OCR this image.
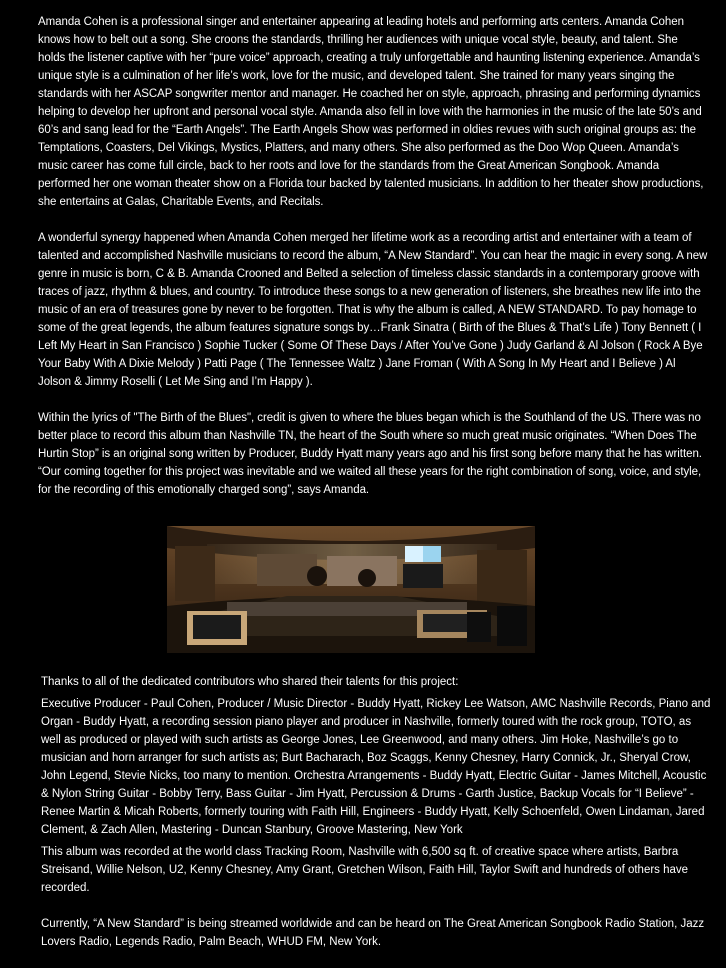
Amanda Cohen is a professional singer and entertainer appearing at leading hotels and performing arts centers. Amanda Cohen knows how to belt out a song. She croons the standards, thrilling her audiences with unique vocal style, beauty, and talent. She holds the listener captive with her “pure voice” approach, creating a truly unforgettable and haunting listening experience. Amanda’s unique style is a culmination of her life’s work, love for the music, and developed talent. She trained for many years singing the standards with her ASCAP songwriter mentor and manager. He coached her on style, approach, phrasing and performing dynamics helping to develop her upfront and personal vocal style. Amanda also fell in love with the harmonies in the music of the late 50’s and 60’s and sang lead for the “Earth Angels”. The Earth Angels Show was performed in oldies revues with such original groups as: the Temptations, Coasters, Del Vikings, Mystics, Platters, and many others. She also performed as the Doo Wop Queen. Amanda’s music career has come full circle, back to her roots and love for the standards from the Great American Songbook. Amanda performed her one woman theater show on a Florida tour backed by talented musicians. In addition to her theater show productions, she entertains at Galas, Charitable Events, and Recitals.

A wonderful synergy happened when Amanda Cohen merged her lifetime work as a recording artist and entertainer with a team of talented and accomplished Nashville musicians to record the album, “A New Standard”. You can hear the magic in every song. A new genre in music is born, C & B. Amanda Crooned and Belted a selection of timeless classic standards in a contemporary groove with traces of jazz, rhythm & blues, and country. To introduce these songs to a new generation of listeners, she breathes new life into the music of an era of treasures gone by never to be forgotten. That is why the album is called, A NEW STANDARD. To pay homage to some of the great legends, the album features signature songs by…Frank Sinatra ( Birth of the Blues & That’s Life ) Tony Bennett ( I Left My Heart in San Francisco ) Sophie Tucker ( Some Of These Days / After You’ve Gone ) Judy Garland & Al Jolson ( Rock A Bye Your Baby With A Dixie Melody ) Patti Page ( The Tennessee Waltz ) Jane Froman ( With A Song In My Heart and I Believe ) Al Jolson & Jimmy Roselli ( Let Me Sing and I’m Happy ).

Within the lyrics of "The Birth of the Blues", credit is given to where the blues began which is the Southland of the US. There was no better place to record this album than Nashville TN, the heart of the South where so much great music originates. “When Does The Hurtin Stop” is an original song written by Producer, Buddy Hyatt many years ago and his first song before many that he has written. “Our coming together for this project was inevitable and we waited all these years for the right combination of song, voice, and style, for the recording of this emotionally charged song”, says Amanda.

Thanks to all of the dedicated contributors who shared their talents for this project:

Executive Producer - Paul Cohen, Producer / Music Director - Buddy Hyatt, Rickey Lee Watson, AMC Nashville Records, Piano and Organ - Buddy Hyatt, a recording session piano player and producer in Nashville, formerly toured with the rock group, TOTO, as well as produced or played with such artists as George Jones, Lee Greenwood, and many others. Jim Hoke, Nashville’s go to musician and horn arranger for such artists as; Burt Bacharach, Boz Scaggs, Kenny Chesney, Harry Connick, Jr., Sheryal Crow, John Legend, Stevie Nicks, too many to mention. Orchestra Arrangements - Buddy Hyatt, Electric Guitar - James Mitchell, Acoustic & Nylon String Guitar - Bobby Terry, Bass Guitar - Jim Hyatt, Percussion & Drums - Garth Justice, Backup Vocals for “I Believe” - Renee Martin & Micah Roberts, formerly touring with Faith Hill, Engineers - Buddy Hyatt, Kelly Schoenfeld, Owen Lindaman, Jared Clement, & Zach Allen, Mastering - Duncan Stanbury, Groove Mastering, New York

This album was recorded at the world class Tracking Room, Nashville with 6,500 sq ft. of creative space where artists, Barbra Streisand, Willie Nelson, U2, Kenny Chesney, Amy Grant, Gretchen Wilson, Faith Hill, Taylor Swift and hundreds of others have recorded.

Currently, “A New Standard” is being streamed worldwide and can be heard on The Great American Songbook Radio Station, Jazz Lovers Radio, Legends Radio, Palm Beach, WHUD FM, New York.
